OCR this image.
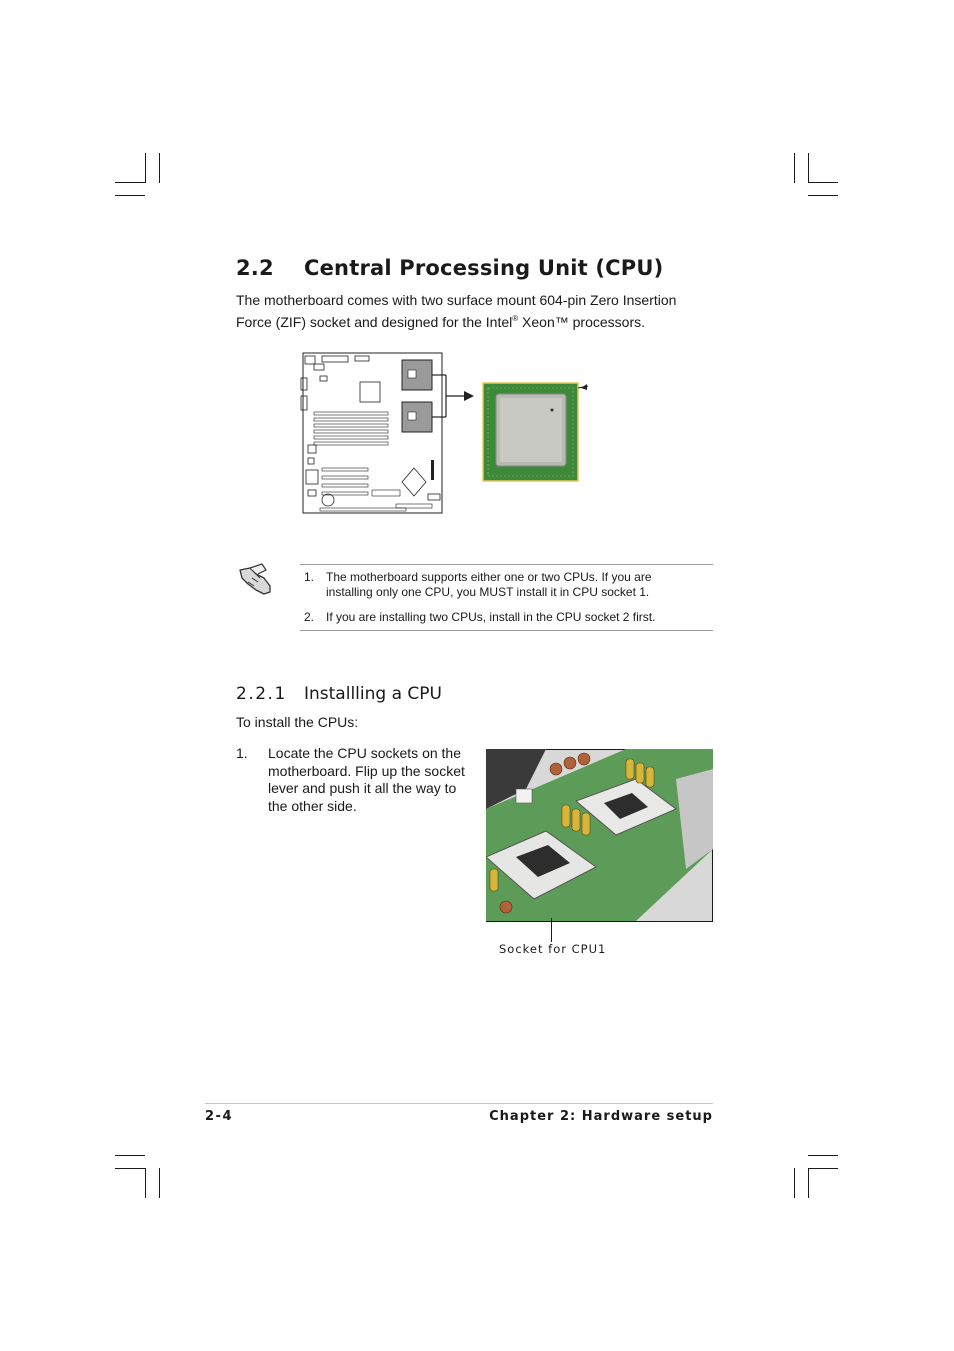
2.2 Central Processing Unit (CPU)
The motherboard comes with two surface mount 604-pin Zero Insertion
Force (ZIF) socket and designed for the Intel® Xeon™ processors.
1. The motherboard supports either one or two CPUs. If you are installing only one CPU, you MUST install it in CPU socket 1.
2. If you are installing two CPUs, install in the CPU socket 2 first.
2.2.1 Installling a CPU
To install the CPUs:
1. Locate the CPU sockets on the motherboard. Flip up the socket lever and push it all the way to the other side.
Socket for CPU1
2-4	Chapter 2: Hardware setup
